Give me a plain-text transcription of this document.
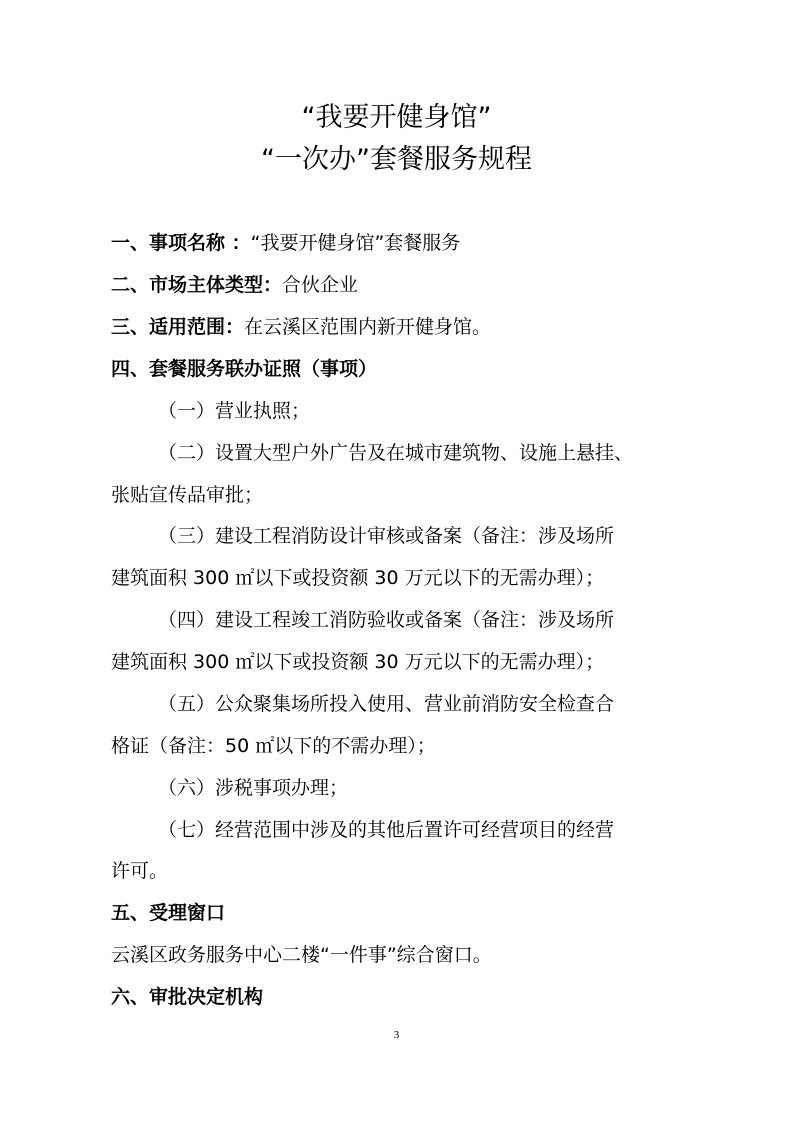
“我要开健身馆”
“一次办”套餐服务规程
一、事项名称 ：“我要开健身馆”套餐服务
二、市场主体类型：合伙企业
三、适用范围：在云溪区范围内新开健身馆。
四、套餐服务联办证照（事项）
（一）营业执照；
（二）设置大型户外广告及在城市建筑物、设施上悬挂、
张贴宣传品审批；
（三）建设工程消防设计审核或备案（备注：涉及场所
建筑面积 300 ㎡以下或投资额 30 万元以下的无需办理）；
（四）建设工程竣工消防验收或备案（备注：涉及场所
建筑面积 300 ㎡以下或投资额 30 万元以下的无需办理）；
（五）公众聚集场所投入使用、营业前消防安全检查合
格证（备注：50 ㎡以下的不需办理）；
（六）涉税事项办理；
（七）经营范围中涉及的其他后置许可经营项目的经营
许可。
五、受理窗口
云溪区政务服务中心二楼“一件事”综合窗口。
六、审批决定机构
3
